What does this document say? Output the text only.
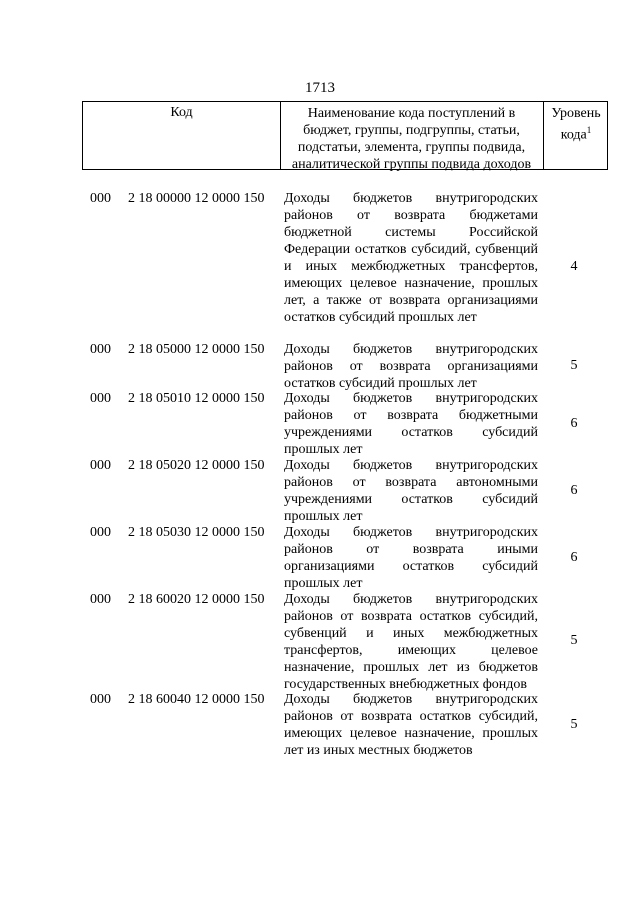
1713
Код	Наименование кода поступлений в
бюджет, группы, подгруппы, статьи,
подстатьи, элемента, группы подвида,
аналитической группы подвида доходов
Уровень
кода$^1$
000 2 18 00000 12 0000 150 Доходы бюджетов внутригородских районов от возврата бюджетами бюджетной системы Российской Федерации остатков субсидий, субвенций и иных межбюджетных трансфертов, имеющих целевое назначение, прошлых лет, а также от возврата организациями остатков субсидий прошлых лет
4
000 2 18 05000 12 0000 150 Доходы бюджетов внутригородских районов от возврата организациями остатков субсидий прошлых лет
5
000 2 18 05010 12 0000 150 Доходы бюджетов внутригородских районов от возврата бюджетными учреждениями остатков субсидий прошлых лет
6
000 2 18 05020 12 0000 150 Доходы бюджетов внутригородских районов от возврата автономными учреждениями остатков субсидий прошлых лет
6
000 2 18 05030 12 0000 150 Доходы бюджетов внутригородских районов от возврата иными организациями остатков субсидий прошлых лет
6
000 2 18 60020 12 0000 150 Доходы бюджетов внутригородских районов от возврата остатков субсидий, субвенций и иных межбюджетных трансфертов, имеющих целевое назначение, прошлых лет из бюджетов государственных внебюджетных фондов
5
000 2 18 60040 12 0000 150 Доходы бюджетов внутригородских районов от возврата остатков субсидий, имеющих целевое назначение, прошлых лет из иных местных бюджетов
5
